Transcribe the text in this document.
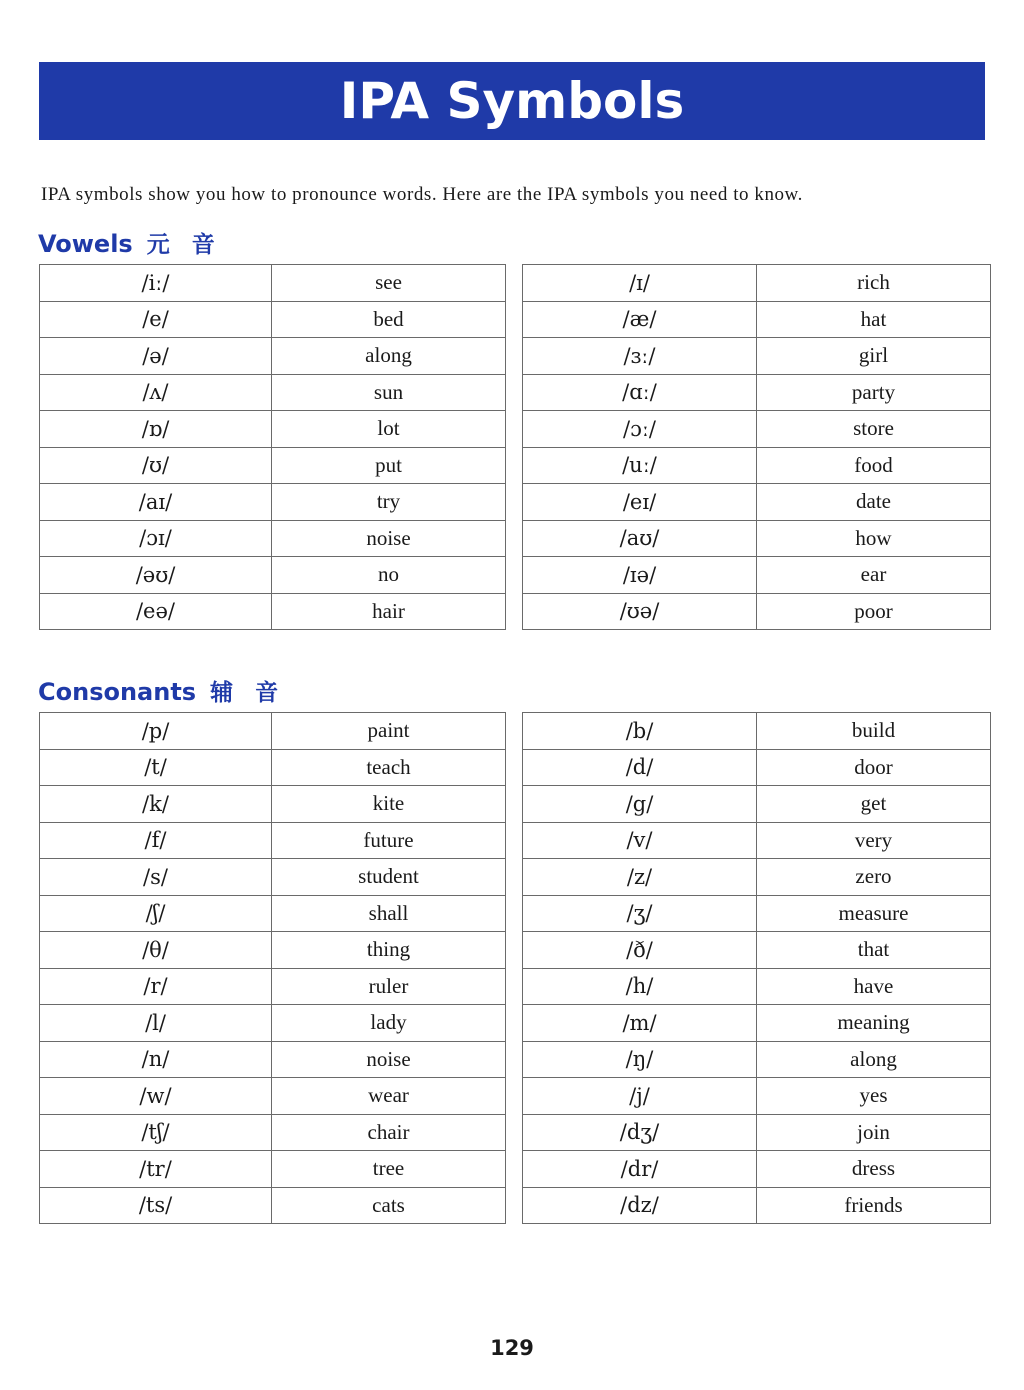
IPA Symbols
IPA symbols show you how to pronounce words. Here are the IPA symbols you need to know.
Vowels 元音
/iː/	see		/ɪ/	rich
/e/	bed		/æ/	hat
/ə/	along		/ɜː/	girl
/ʌ/	sun		/ɑː/	party
/ɒ/	lot		/ɔː/	store
/ʊ/	put		/uː/	food
/aɪ/	try		/eɪ/	date
/ɔɪ/	noise		/aʊ/	how
/əʊ/	no		/ɪə/	ear
/eə/	hair		/ʊə/	poor
Consonants 辅音
/p/	paint		/b/	build
/t/	teach		/d/	door
/k/	kite		/g/	get
/f/	future		/v/	very
/s/	student		/z/	zero
/ʃ/	shall		/ʒ/	measure
/θ/	thing		/ð/	that
/r/	ruler		/h/	have
/l/	lady		/m/	meaning
/n/	noise		/ŋ/	along
/w/	wear		/j/	yes
/tʃ/	chair		/dʒ/	join
/tr/	tree		/dr/	dress
/ts/	cats		/dz/	friends
129
